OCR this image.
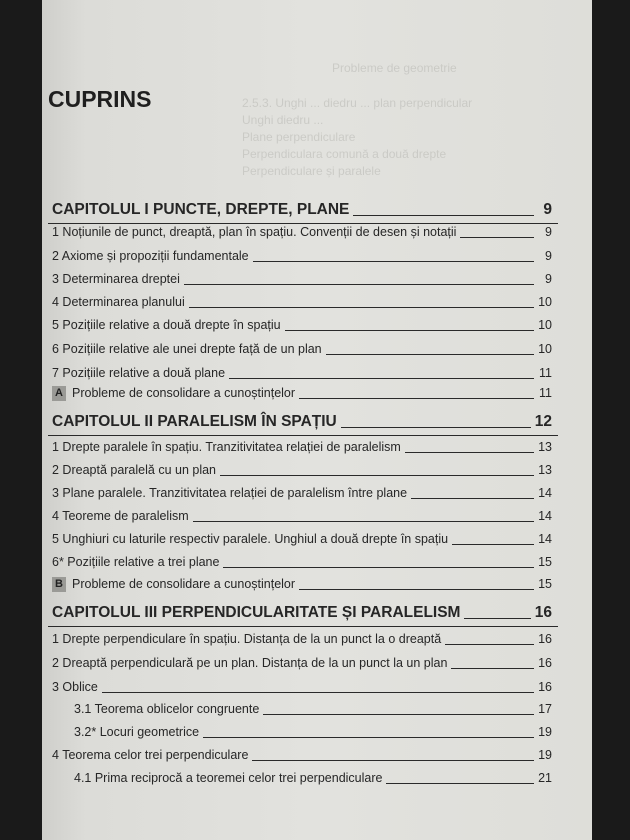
Probleme de geometrie
2.5.3. Unghi ... diedru ... plan perpendicular
Unghi diedru ...
Plane perpendiculare
Perpendiculara comună a două drepte
Perpendiculare și paralele
CUPRINS
CAPITOLUL I PUNCTE, DREPTE, PLANE	9
1 Noțiunile de punct, dreaptă, plan în spațiu. Convenții de desen și notații	9
2 Axiome și propoziții fundamentale	9
3 Determinarea dreptei	9
4 Determinarea planului	10
5 Pozițiile relative a două drepte în spațiu	10
6 Pozițiile relative ale unei drepte față de un plan	10
7 Pozițiile relative a două plane	11
A Probleme de consolidare a cunoștințelor	11
CAPITOLUL II PARALELISM ÎN SPAȚIU	12
1 Drepte paralele în spațiu. Tranzitivitatea relației de paralelism	13
2 Dreaptă paralelă cu un plan	13
3 Plane paralele. Tranzitivitatea relației de paralelism între plane	14
4 Teoreme de paralelism	14
5 Unghiuri cu laturile respectiv paralele. Unghiul a două drepte în spațiu	14
6* Pozițiile relative a trei plane	15
B Probleme de consolidare a cunoștințelor	15
CAPITOLUL III PERPENDICULARITATE ȘI PARALELISM	16
1 Drepte perpendiculare în spațiu. Distanța de la un punct la o dreaptă	16
2 Dreaptă perpendiculară pe un plan. Distanța de la un punct la un plan	16
3 Oblice	16
3.1 Teorema oblicelor congruente	17
3.2* Locuri geometrice	19
4 Teorema celor trei perpendiculare	19
4.1 Prima reciprocă a teoremei celor trei perpendiculare	21
